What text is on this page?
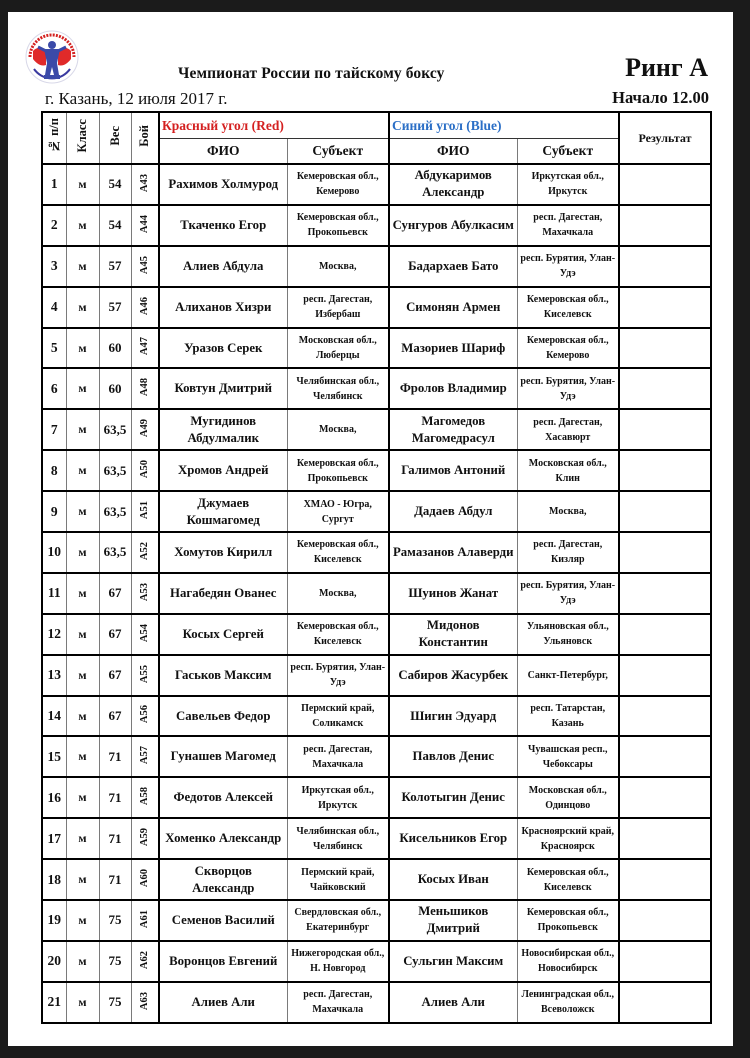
Чемпионат России по тайскому боксу	Ринг А
г. Казань, 12 июля 2017 г.	Начало 12.00
№ п/п	Класс	Вес	Бой	Красный угол (Red)		Синий угол (Blue)		Результат
				ФИО	Субъект	ФИО	Субъект	
1	м	54	А43	Рахимов Холмурод	Кемеровская обл., Кемерово	Абдукаримов Александр	Иркутская обл., Иркутск	
2	м	54	А44	Ткаченко Егор	Кемеровская обл., Прокопьевск	Сунгуров Абулкасим	респ. Дагестан, Махачкала	
3	м	57	А45	Алиев Абдула	Москва,	Бадархаев Бато	респ. Бурятия, Улан-Удэ	
4	м	57	А46	Алиханов Хизри	респ. Дагестан, Избербаш	Симонян Армен	Кемеровская обл., Киселевск	
5	м	60	А47	Уразов Серек	Московская обл., Люберцы	Мазориев Шариф	Кемеровская обл., Кемерово	
6	м	60	А48	Ковтун Дмитрий	Челябинская обл., Челябинск	Фролов Владимир	респ. Бурятия, Улан-Удэ	
7	м	63,5	А49	Мугидинов Абдулмалик	Москва,	Магомедов Магомедрасул	респ. Дагестан, Хасавюрт	
8	м	63,5	А50	Хромов Андрей	Кемеровская обл., Прокопьевск	Галимов Антоний	Московская обл., Клин	
9	м	63,5	А51	Джумаев Кошмагомед	ХМАО - Югра, Сургут	Дадаев Абдул	Москва,	
10	м	63,5	А52	Хомутов Кирилл	Кемеровская обл., Киселевск	Рамазанов Алаверди	респ. Дагестан, Кизляр	
11	м	67	А53	Нагабедян Ованес	Москва,	Шуинов Жанат	респ. Бурятия, Улан-Удэ	
12	м	67	А54	Косых Сергей	Кемеровская обл., Киселевск	Мидонов Константин	Ульяновская обл., Ульяновск	
13	м	67	А55	Гаськов Максим	респ. Бурятия, Улан-Удэ	Сабиров Жасурбек	Санкт-Петербург,	
14	м	67	А56	Савельев Федор	Пермский край, Соликамск	Шигин Эдуард	респ. Татарстан, Казань	
15	м	71	А57	Гунашев Магомед	респ. Дагестан, Махачкала	Павлов Денис	Чувашская респ., Чебоксары	
16	м	71	А58	Федотов Алексей	Иркутская обл., Иркутск	Колотыгин Денис	Московская обл., Одинцово	
17	м	71	А59	Хоменко Александр	Челябинская обл., Челябинск	Кисельников Егор	Красноярский край, Красноярск	
18	м	71	А60	Скворцов Александр	Пермский край, Чайковский	Косых Иван	Кемеровская обл., Киселевск	
19	м	75	А61	Семенов Василий	Свердловская обл., Екатеринбург	Меньшиков Дмитрий	Кемеровская обл., Прокопьевск	
20	м	75	А62	Воронцов Евгений	Нижегородская обл., Н. Новгород	Сульгин Максим	Новосибирская обл., Новосибирск	
21	м	75	А63	Алиев Али	респ. Дагестан, Махачкала	Алиев Али	Ленинградская обл., Всеволожск	
